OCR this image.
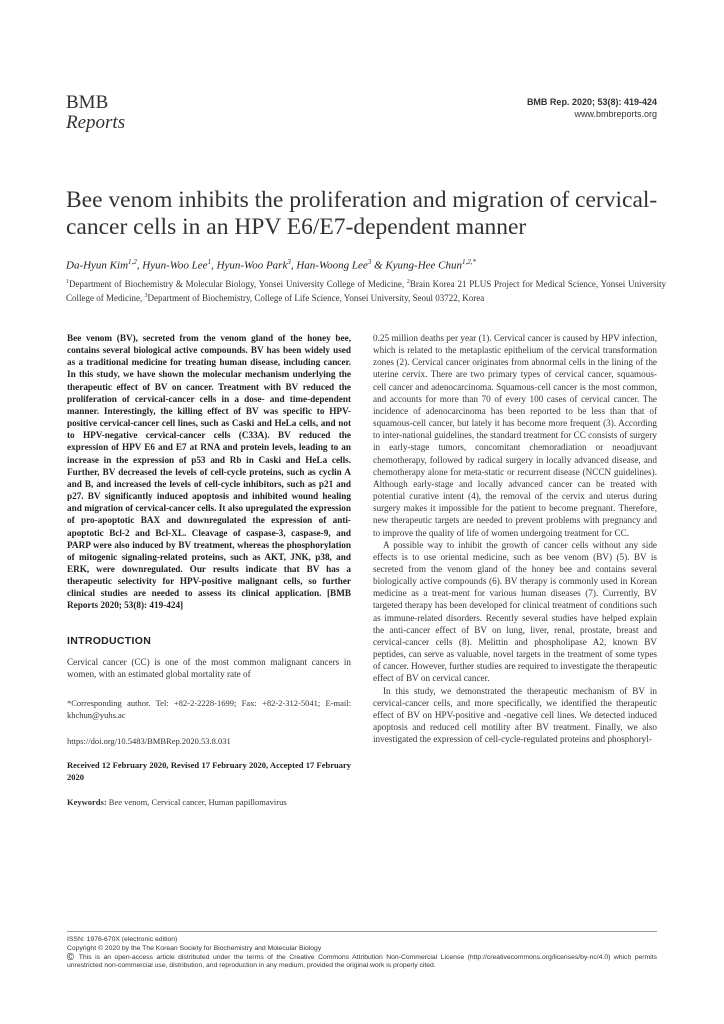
BMB
Reports
BMB Rep. 2020; 53(8): 419-424
www.bmbreports.org
Bee venom inhibits the proliferation and migration of cervical-cancer cells in an HPV E6/E7-dependent manner
Da-Hyun Kim$^{1,2}$, Hyun-Woo Lee$^1$, Hyun-Woo Park$^3$, Han-Woong Lee$^3$ & Kyung-Hee Chun$^{1,2,*}$
$^1$Department of Biochemistry & Molecular Biology, Yonsei University College of Medicine, $^2$Brain Korea 21 PLUS Project for Medical Science, Yonsei University College of Medicine, $^3$Department of Biochemistry, College of Life Science, Yonsei University, Seoul 03722, Korea

Bee venom (BV), secreted from the venom gland of the honey bee, contains several biological active compounds. BV has been widely used as a traditional medicine for treating human disease, including cancer. In this study, we have shown the molecular mechanism underlying the therapeutic effect of BV on cancer. Treatment with BV reduced the proliferation of cervical-cancer cells in a dose- and time-dependent manner. Interestingly, the killing effect of BV was specific to HPV-positive cervical-cancer cell lines, such as Caski and HeLa cells, and not to HPV-negative cervical-cancer cells (C33A). BV reduced the expression of HPV E6 and E7 at RNA and protein levels, leading to an increase in the expression of p53 and Rb in Caski and HeLa cells. Further, BV decreased the levels of cell-cycle proteins, such as cyclin A and B, and increased the levels of cell-cycle inhibitors, such as p21 and p27. BV significantly induced apoptosis and inhibited wound healing and migration of cervical-cancer cells. It also upregulated the expression of pro-apoptotic BAX and downregulated the expression of anti-apoptotic Bcl-2 and Bcl-XL. Cleavage of caspase-3, caspase-9, and PARP were also induced by BV treatment, whereas the phosphorylation of mitogenic signaling-related proteins, such as AKT, JNK, p38, and ERK, were downregulated. Our results indicate that BV has a therapeutic selectivity for HPV-positive malignant cells, so further clinical studies are needed to assess its clinical application. [BMB Reports 2020; 53(8): 419-424]

INTRODUCTION

Cervical cancer (CC) is one of the most common malignant cancers in women, with an estimated global mortality rate of

*Corresponding author. Tel: +82-2-2228-1699; Fax: +82-2-312-5041; E-mail: khchun@yuhs.ac
https://doi.org/10.5483/BMBRep.2020.53.8.031
Received 12 February 2020, Revised 17 February 2020, Accepted 17 February 2020
Keywords: Bee venom, Cervical cancer, Human papillomavirus

0.25 million deaths per year (1). Cervical cancer is caused by HPV infection, which is related to the metaplastic epithelium of the cervical transformation zones (2). Cervical cancer originates from abnormal cells in the lining of the uterine cervix. There are two primary types of cervical cancer, squamous-cell cancer and adenocarcinoma. Squamous-cell cancer is the most common, and accounts for more than 70 of every 100 cases of cervical cancer. The incidence of adenocarcinoma has been reported to be less than that of squamous-cell cancer, but lately it has become more frequent (3). According to inter-national guidelines, the standard treatment for CC consists of surgery in early-stage tumors, concomitant chemoradiation or neoadjuvant chemotherapy, followed by radical surgery in locally advanced disease, and chemotherapy alone for meta-static or recurrent disease (NCCN guidelines). Although early-stage and locally advanced cancer can be treated with potential curative intent (4), the removal of the cervix and uterus during surgery makes it impossible for the patient to become pregnant. Therefore, new therapeutic targets are needed to prevent problems with pregnancy and to improve the quality of life of women undergoing treatment for CC.

A possible way to inhibit the growth of cancer cells without any side effects is to use oriental medicine, such as bee venom (BV) (5). BV is secreted from the venom gland of the honey bee and contains several biologically active compounds (6). BV therapy is commonly used in Korean medicine as a treat-ment for various human diseases (7). Currently, BV targeted therapy has been developed for clinical treatment of conditions such as immune-related disorders. Recently several studies have helped explain the anti-cancer effect of BV on lung, liver, renal, prostate, breast and cervical-cancer cells (8). Melittin and phospholipase A2, known BV peptides, can serve as valuable, novel targets in the treatment of some types of cancer. However, further studies are required to investigate the therapeutic effect of BV on cervical cancer.

In this study, we demonstrated the therapeutic mechanism of BV in cervical-cancer cells, and more specifically, we identified the therapeutic effect of BV on HPV-positive and -negative cell lines. We detected induced apoptosis and reduced cell motility after BV treatment. Finally, we also investigated the expression of cell-cycle-regulated proteins and phosphoryl-

ISSN: 1976-670X (electronic edition)
Copyright © 2020 by the The Korean Society for Biochemistry and Molecular Biology
Ⓒ This is an open-access article distributed under the terms of the Creative Commons Attribution Non-Commercial License (http://creativecommons.org/licenses/by-nc/4.0) which permits unrestricted non-commercial use, distribution, and reproduction in any medium, provided the original work is properly cited.
